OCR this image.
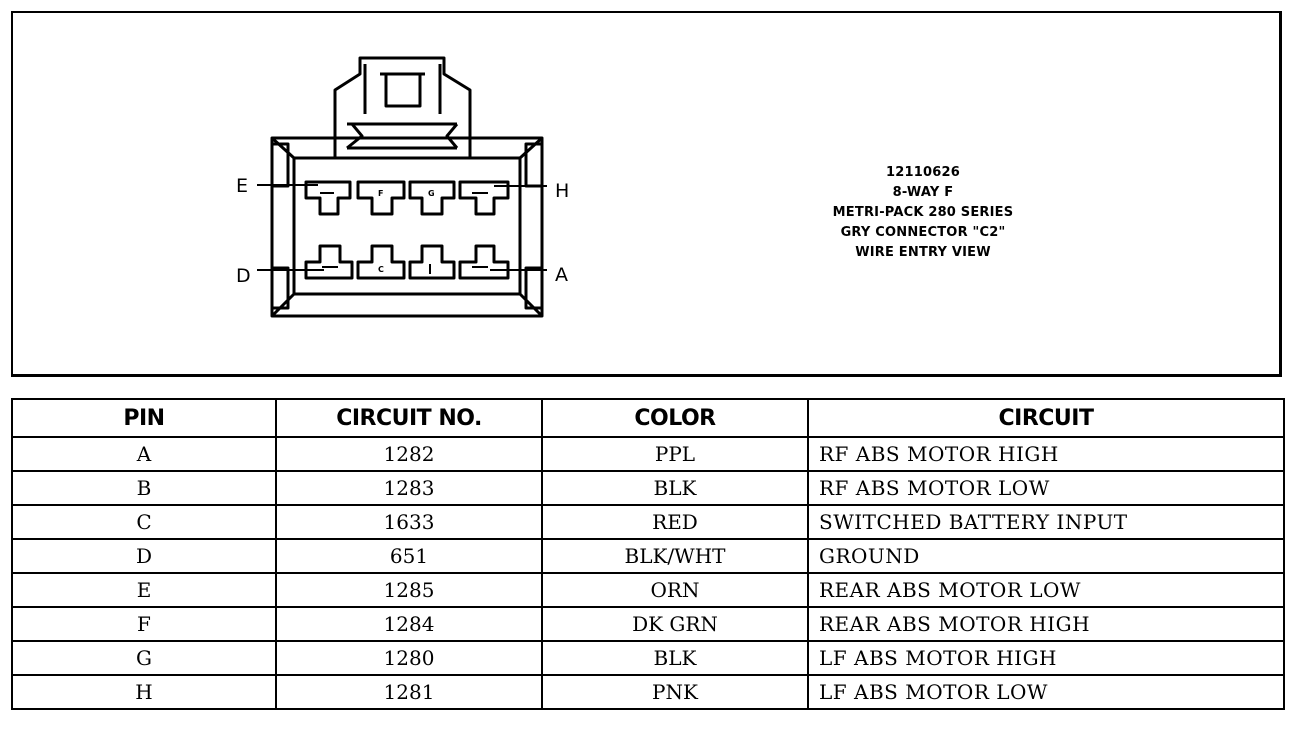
E	H
D	A
F	G
C
12110626
8-WAY F
METRI-PACK 280 SERIES
GRY CONNECTOR "C2"
WIRE ENTRY VIEW
PIN	CIRCUIT NO.	COLOR	CIRCUIT
A	1282	PPL	RF ABS MOTOR HIGH
B	1283	BLK	RF ABS MOTOR LOW
C	1633	RED	SWITCHED BATTERY INPUT
D	651	BLK/WHT	GROUND
E	1285	ORN	REAR ABS MOTOR LOW
F	1284	DK GRN	REAR ABS MOTOR HIGH
G	1280	BLK	LF ABS MOTOR HIGH
H	1281	PNK	LF ABS MOTOR LOW
